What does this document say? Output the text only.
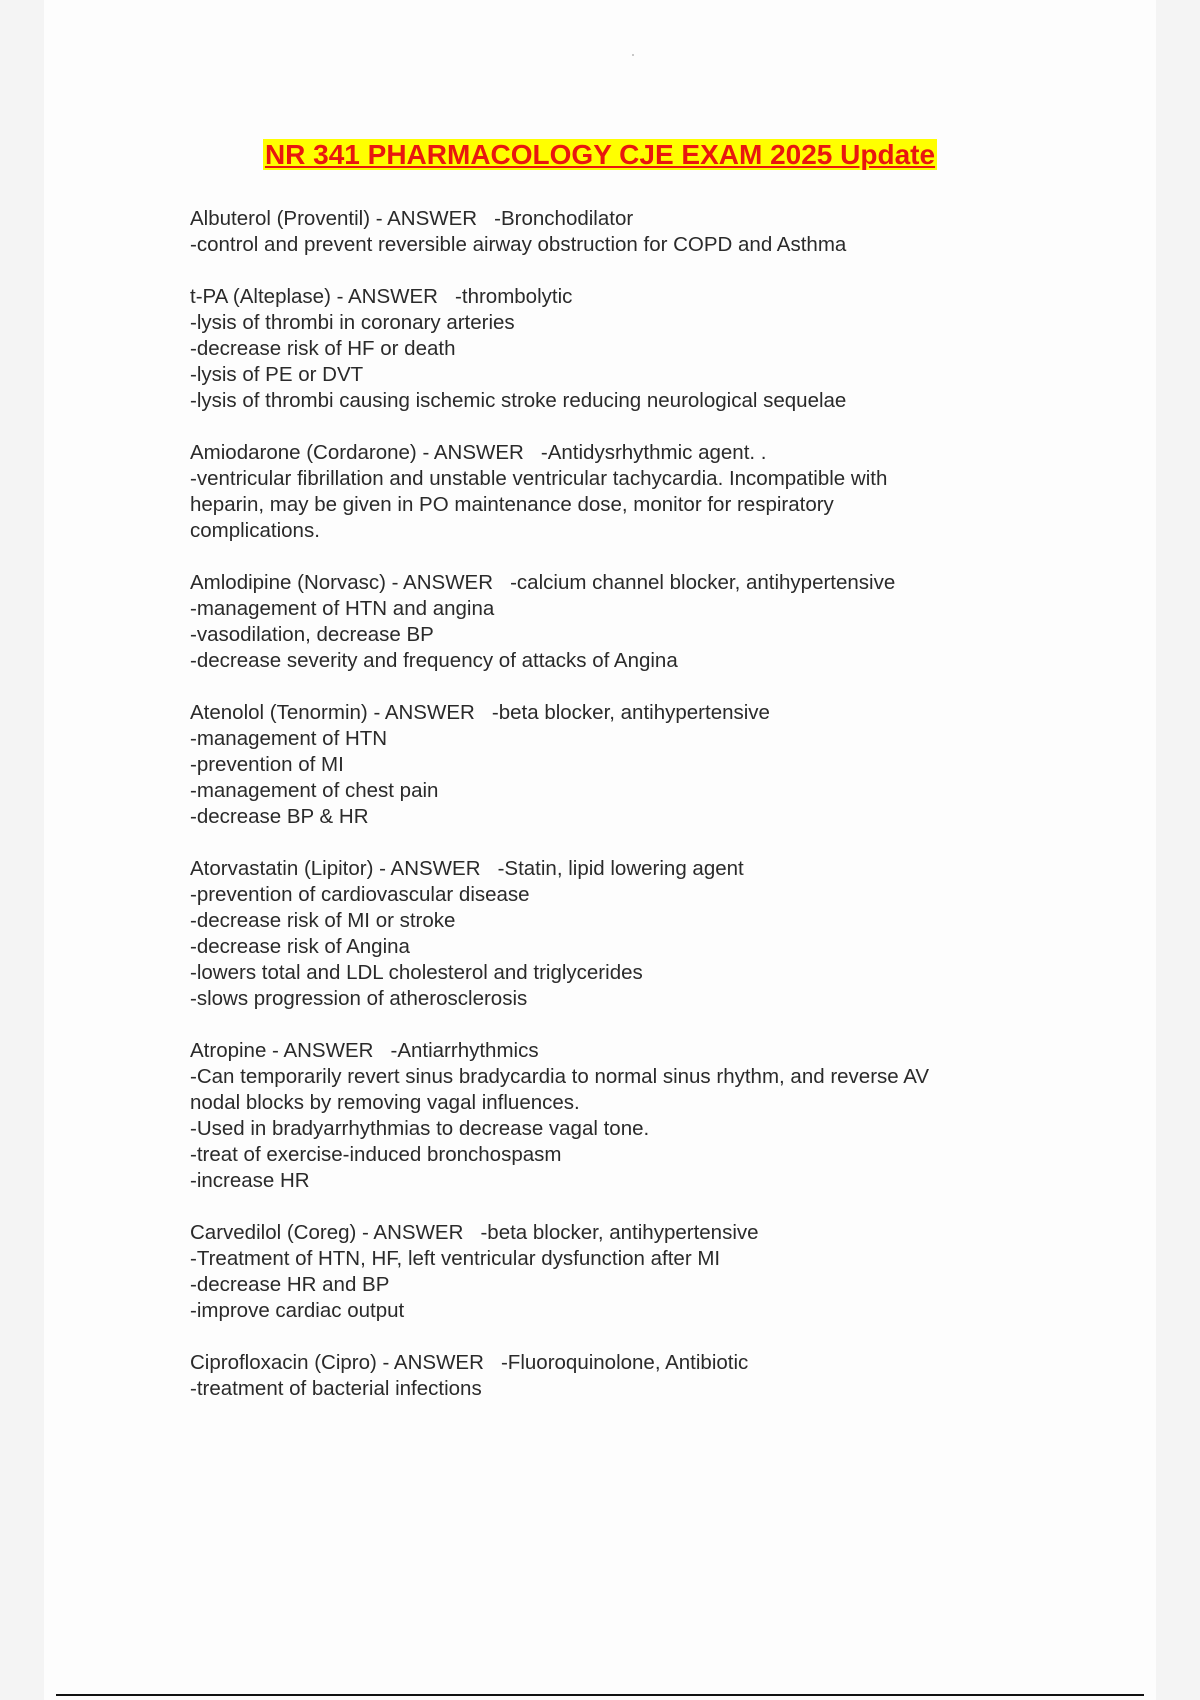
NR 341 PHARMACOLOGY CJE EXAM 2025 Update
Albuterol (Proventil) - ANSWER   -Bronchodilator
-control and prevent reversible airway obstruction for COPD and Asthma
t-PA (Alteplase) - ANSWER   -thrombolytic
-lysis of thrombi in coronary arteries
-decrease risk of HF or death
-lysis of PE or DVT
-lysis of thrombi causing ischemic stroke reducing neurological sequelae
Amiodarone (Cordarone) - ANSWER   -Antidysrhythmic agent. .
-ventricular fibrillation and unstable ventricular tachycardia. Incompatible with
heparin, may be given in PO maintenance dose, monitor for respiratory
complications.
Amlodipine (Norvasc) - ANSWER   -calcium channel blocker, antihypertensive
-management of HTN and angina
-vasodilation, decrease BP
-decrease severity and frequency of attacks of Angina
Atenolol (Tenormin) - ANSWER   -beta blocker, antihypertensive
-management of HTN
-prevention of MI
-management of chest pain
-decrease BP & HR
Atorvastatin (Lipitor) - ANSWER   -Statin, lipid lowering agent
-prevention of cardiovascular disease
-decrease risk of MI or stroke
-decrease risk of Angina
-lowers total and LDL cholesterol and triglycerides
-slows progression of atherosclerosis
Atropine - ANSWER   -Antiarrhythmics
-Can temporarily revert sinus bradycardia to normal sinus rhythm, and reverse AV
nodal blocks by removing vagal influences.
-Used in bradyarrhythmias to decrease vagal tone.
-treat of exercise-induced bronchospasm
-increase HR
Carvedilol (Coreg) - ANSWER   -beta blocker, antihypertensive
-Treatment of HTN, HF, left ventricular dysfunction after MI
-decrease HR and BP
-improve cardiac output
Ciprofloxacin (Cipro) - ANSWER   -Fluoroquinolone, Antibiotic
-treatment of bacterial infections
